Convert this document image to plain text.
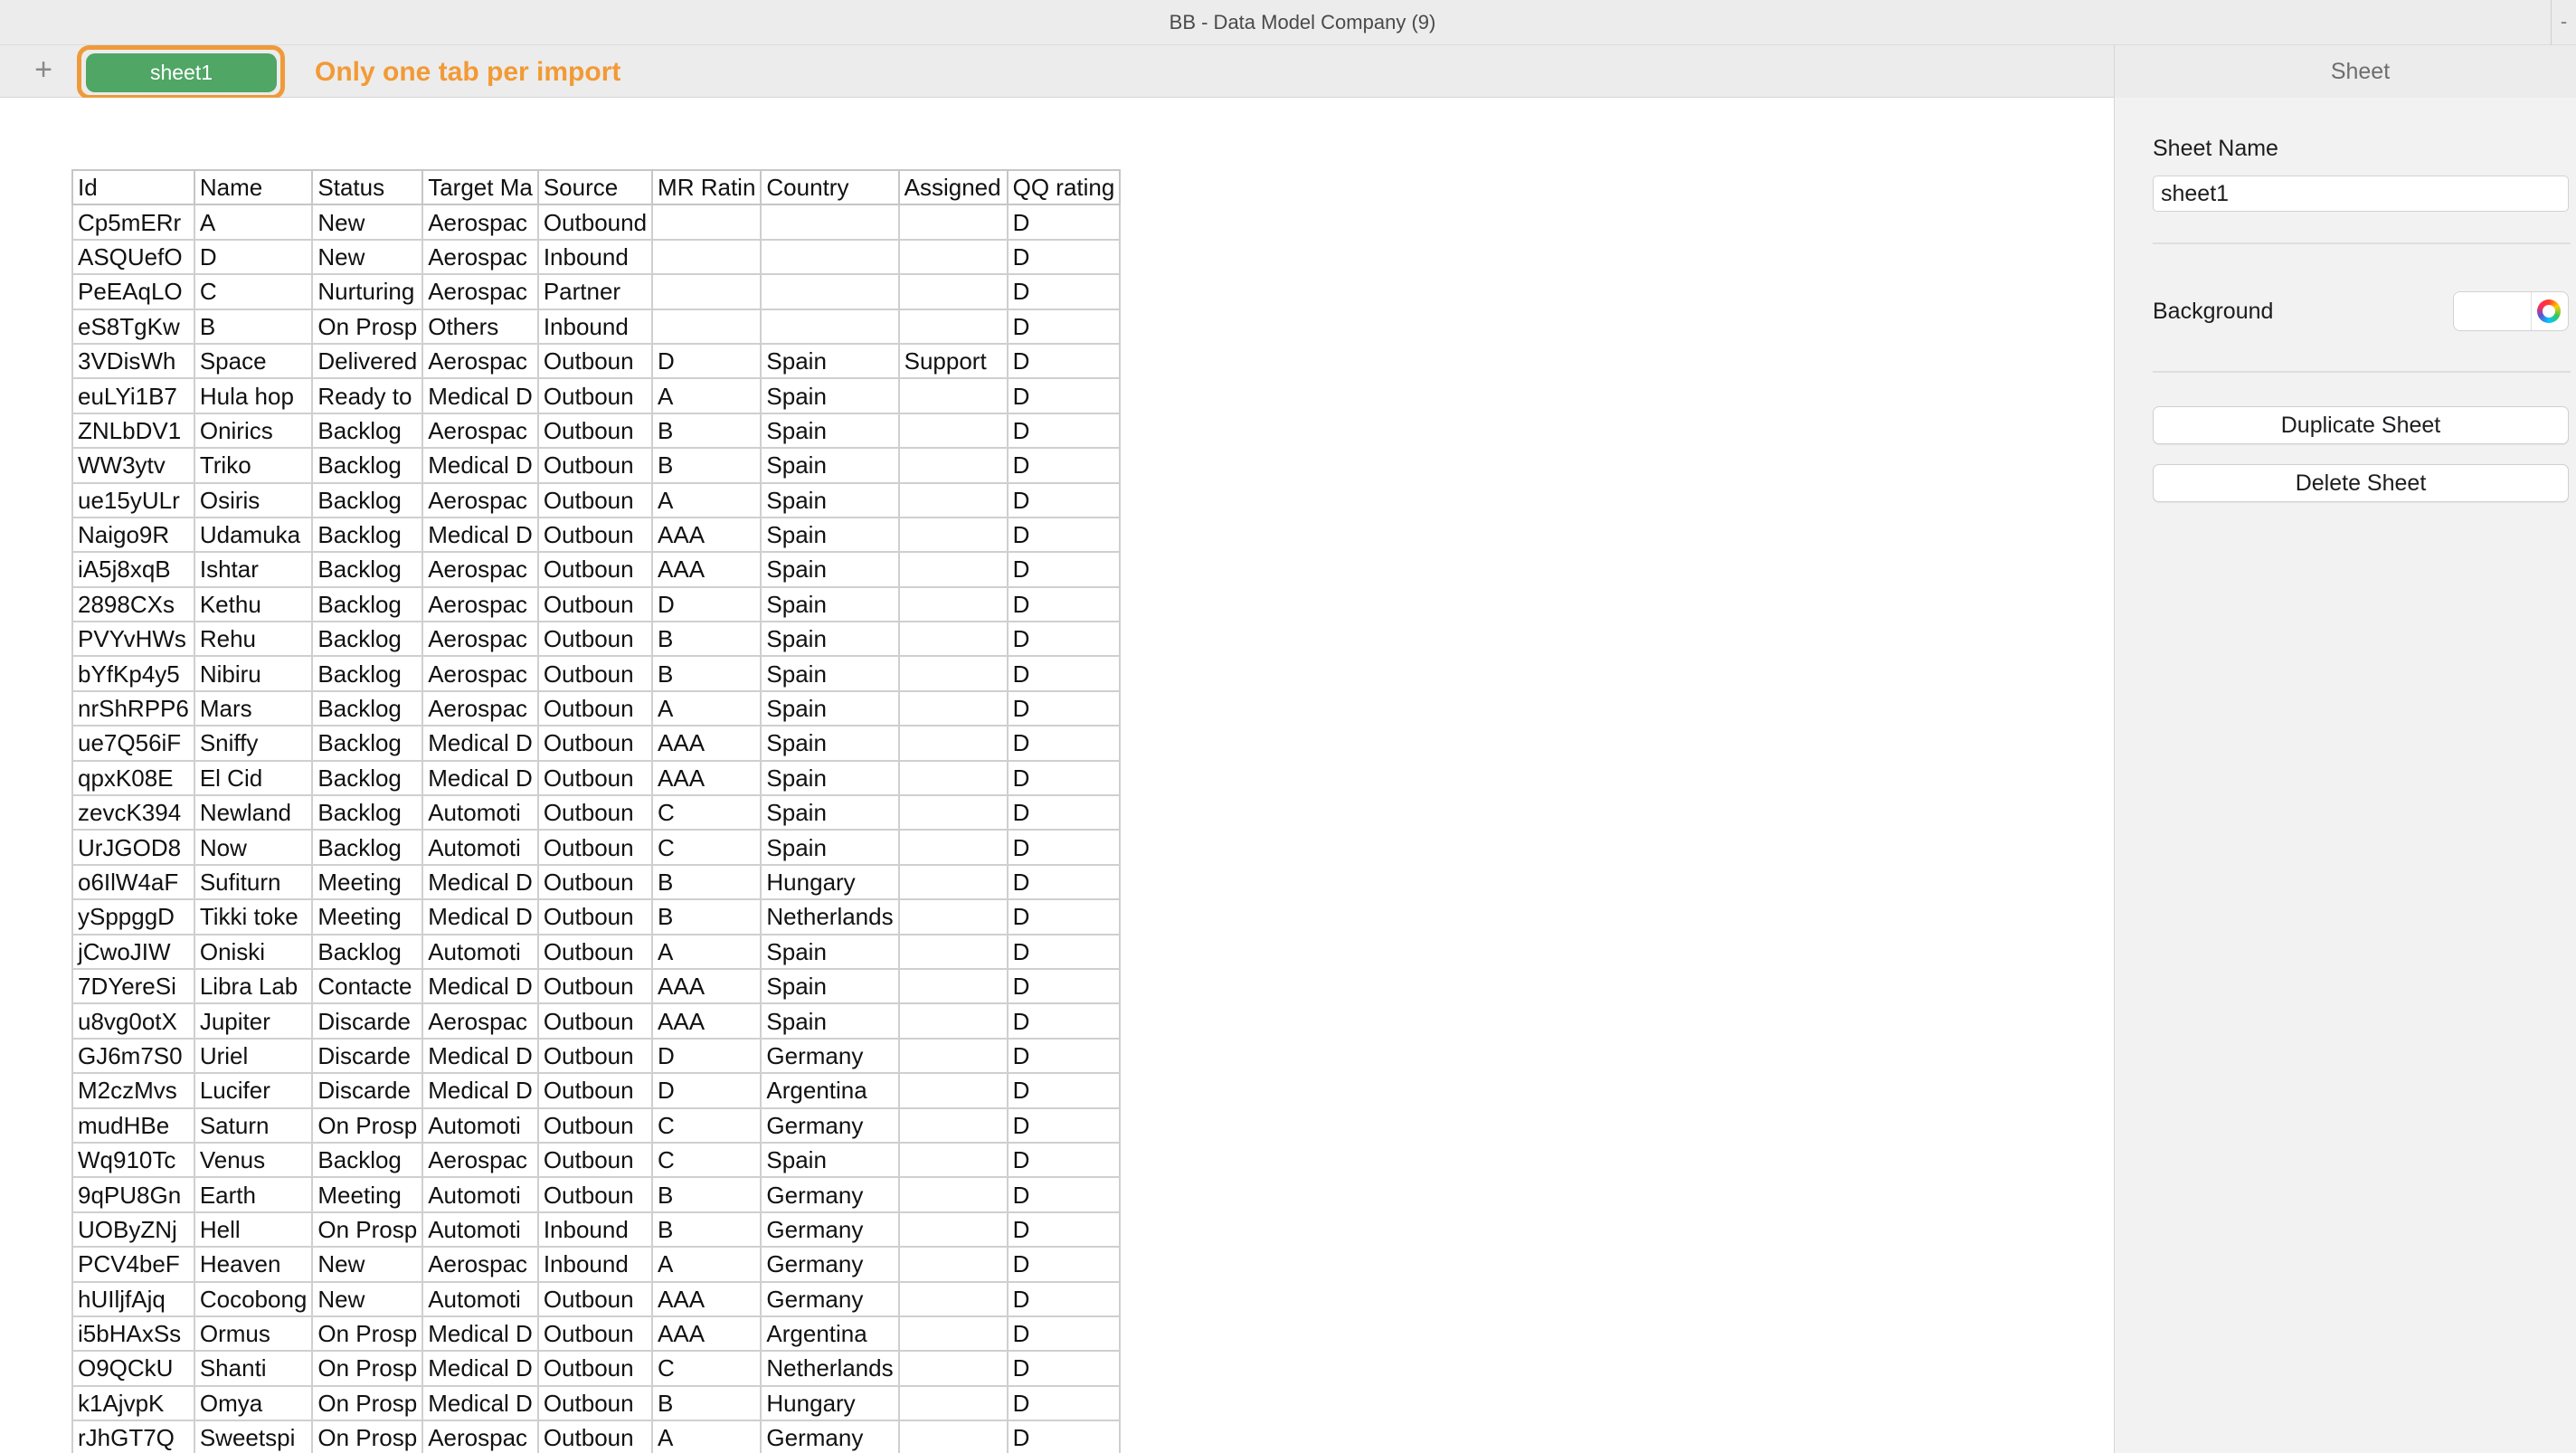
BB - Data Model Company (9)	-
+	sheet1	Only one tab per import	Sheet
Id	Name	Status	Target Ma	Source	MR Ratin	Country	Assigned	QQ rating
Cp5mERr	A	New	Aerospac	Outbound				D
ASQUefO	D	New	Aerospac	Inbound				D
PeEAqLO	C	Nurturing	Aerospac	Partner				D
eS8TgKw	B	On Prosp	Others	Inbound				D
3VDisWh	Space	Delivered	Aerospac	Outboun	D	Spain	Support	D
euLYi1B7	Hula hop	Ready to	Medical D	Outboun	A	Spain		D
ZNLbDV1	Onirics	Backlog	Aerospac	Outboun	B	Spain		D
WW3ytv	Triko	Backlog	Medical D	Outboun	B	Spain		D
ue15yULr	Osiris	Backlog	Aerospac	Outboun	A	Spain		D
Naigo9R	Udamuka	Backlog	Medical D	Outboun	AAA	Spain		D
iA5j8xqB	Ishtar	Backlog	Aerospac	Outboun	AAA	Spain		D
2898CXs	Kethu	Backlog	Aerospac	Outboun	D	Spain		D
PVYvHWs	Rehu	Backlog	Aerospac	Outboun	B	Spain		D
bYfKp4y5	Nibiru	Backlog	Aerospac	Outboun	B	Spain		D
nrShRPP6	Mars	Backlog	Aerospac	Outboun	A	Spain		D
ue7Q56iF	Sniffy	Backlog	Medical D	Outboun	AAA	Spain		D
qpxK08E	El Cid	Backlog	Medical D	Outboun	AAA	Spain		D
zevcK394	Newland	Backlog	Automoti	Outboun	C	Spain		D
UrJGOD8	Now	Backlog	Automoti	Outboun	C	Spain		D
o6IlW4aF	Sufiturn	Meeting	Medical D	Outboun	B	Hungary		D
ySppggD	Tikki toke	Meeting	Medical D	Outboun	B	Netherlands		D
jCwoJIW	Oniski	Backlog	Automoti	Outboun	A	Spain		D
7DYereSi	Libra Lab	Contacte	Medical D	Outboun	AAA	Spain		D
u8vg0otX	Jupiter	Discarde	Aerospac	Outboun	AAA	Spain		D
GJ6m7S0	Uriel	Discarde	Medical D	Outboun	D	Germany		D
M2czMvs	Lucifer	Discarde	Medical D	Outboun	D	Argentina		D
mudHBe	Saturn	On Prosp	Automoti	Outboun	C	Germany		D
Wq910Tc	Venus	Backlog	Aerospac	Outboun	C	Spain		D
9qPU8Gn	Earth	Meeting	Automoti	Outboun	B	Germany		D
UOByZNj	Hell	On Prosp	Automoti	Inbound	B	Germany		D
PCV4beF	Heaven	New	Aerospac	Inbound	A	Germany		D
hUIljfAjq	Cocobong	New	Automoti	Outboun	AAA	Germany		D
i5bHAxSs	Ormus	On Prosp	Medical D	Outboun	AAA	Argentina		D
O9QCkU	Shanti	On Prosp	Medical D	Outboun	C	Netherlands		D
k1AjvpK	Omya	On Prosp	Medical D	Outboun	B	Hungary		D
rJhGT7Q	Sweetspi	On Prosp	Aerospac	Outboun	A	Germany		D
Sheet Name
sheet1
Background
Duplicate Sheet
Delete Sheet
